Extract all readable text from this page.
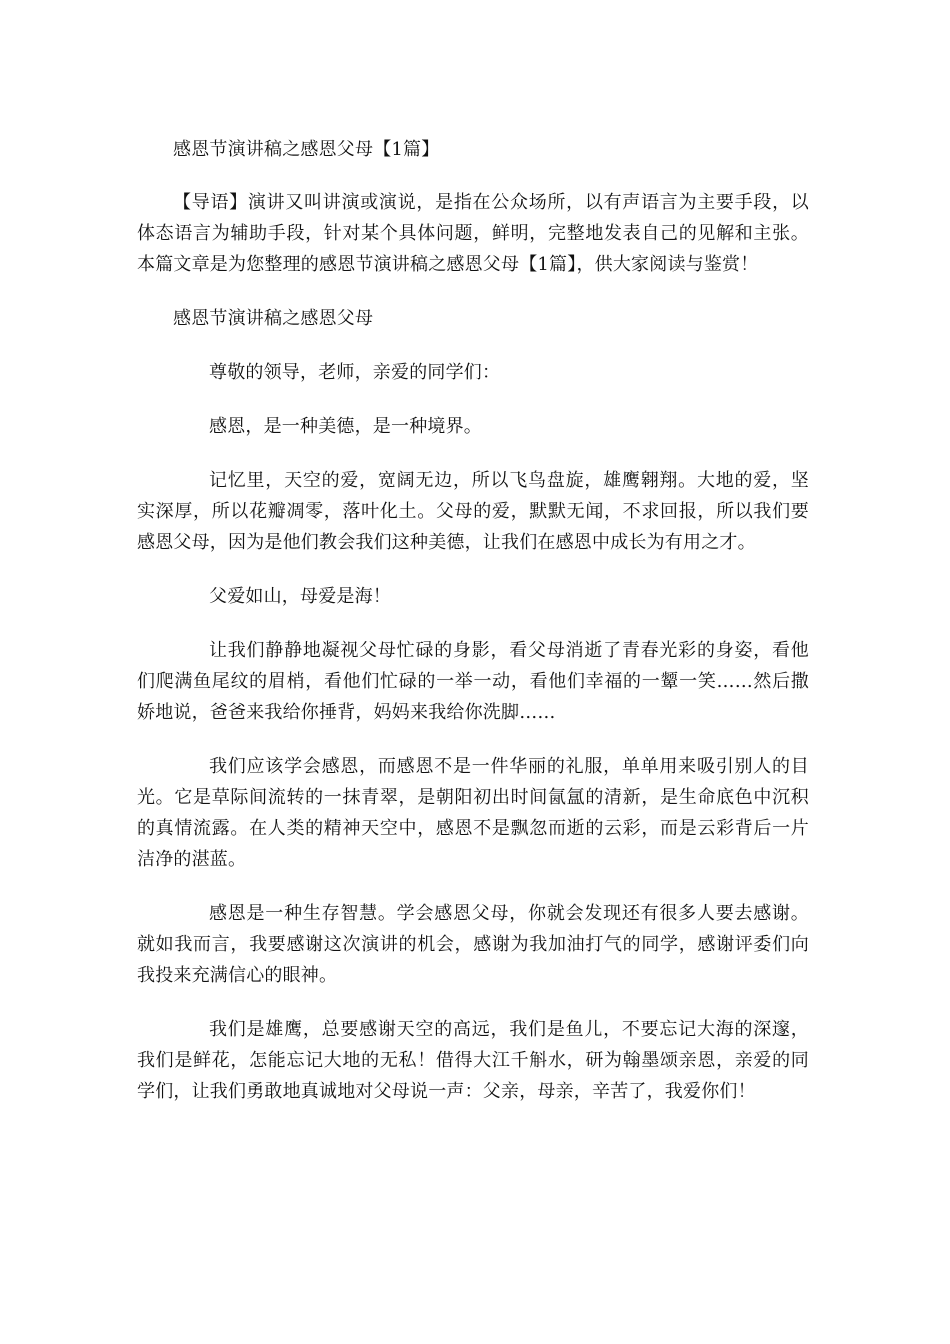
感恩节演讲稿之感恩父母【1篇】

【导语】演讲又叫讲演或演说，是指在公众场所，以有声语言为主要手段，以体态语言为辅助手段，针对某个具体问题，鲜明，完整地发表自己的见解和主张。本篇文章是为您整理的感恩节演讲稿之感恩父母【1篇】，供大家阅读与鉴赏！

感恩节演讲稿之感恩父母

尊敬的领导，老师，亲爱的同学们：

感恩，是一种美德，是一种境界。

记忆里，天空的爱，宽阔无边，所以飞鸟盘旋，雄鹰翱翔。大地的爱，坚实深厚，所以花瓣凋零，落叶化土。父母的爱，默默无闻，不求回报，所以我们要感恩父母，因为是他们教会我们这种美德，让我们在感恩中成长为有用之才。

父爱如山，母爱是海！

让我们静静地凝视父母忙碌的身影，看父母消逝了青春光彩的身姿，看他们爬满鱼尾纹的眉梢，看他们忙碌的一举一动，看他们幸福的一颦一笑……然后撒娇地说，爸爸来我给你捶背，妈妈来我给你洗脚……

我们应该学会感恩，而感恩不是一件华丽的礼服，单单用来吸引别人的目光。它是草际间流转的一抹青翠，是朝阳初出时间氤氲的清新，是生命底色中沉积的真情流露。在人类的精神天空中，感恩不是飘忽而逝的云彩，而是云彩背后一片洁净的湛蓝。

感恩是一种生存智慧。学会感恩父母，你就会发现还有很多人要去感谢。就如我而言，我要感谢这次演讲的机会，感谢为我加油打气的同学，感谢评委们向我投来充满信心的眼神。

我们是雄鹰，总要感谢天空的高远，我们是鱼儿，不要忘记大海的深邃，我们是鲜花，怎能忘记大地的无私！借得大江千斛水，研为翰墨颂亲恩，亲爱的同学们，让我们勇敢地真诚地对父母说一声：父亲，母亲，辛苦了，我爱你们！
